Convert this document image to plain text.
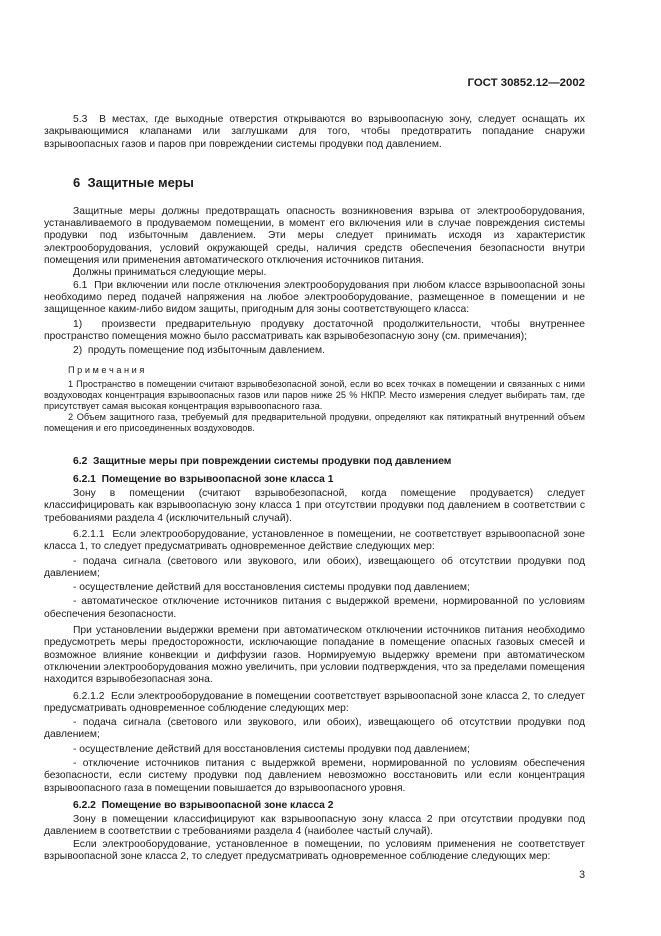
ГОСТ 30852.12—2002

5.3  В местах, где выходные отверстия открываются во взрывоопасную зону, следует оснащать их закрывающимися клапанами или заглушками для того, чтобы предотвратить попадание снаружи взрывоопасных газов и паров при повреждении системы продувки под давлением.

6  Защитные меры

Защитные меры должны предотвращать опасность возникновения взрыва от электрооборудования, устанавливаемого в продуваемом помещении, в момент его включения или в случае повреждения системы продувки под избыточным давлением. Эти меры следует принимать исходя из характеристик электрооборудования, условий окружающей среды, наличия средств обеспечения безопасности внутри помещения или применения автоматического отключения источников питания.

Должны приниматься следующие меры.

6.1  При включении или после отключения электрооборудования при любом классе взрывоопасной зоны необходимо перед подачей напряжения на любое электрооборудование, размещенное в помещении и не защищенное каким-либо видом защиты, пригодным для зоны соответствующего класса:

1)  произвести предварительную продувку достаточной продолжительности, чтобы внутреннее пространство помещения можно было рассматривать как взрывобезопасную зону (см. примечания);

2)  продуть помещение под избыточным давлением.

П р и м е ч а н и я

1 Пространство в помещении считают взрывобезопасной зоной, если во всех точках в помещении и связанных с ними воздуховодах концентрация взрывоопасных газов или паров ниже 25 % НКПР. Место измерения следует выбирать там, где присутствует самая высокая концентрация взрывоопасного газа.

2 Объем защитного газа, требуемый для предварительной продувки, определяют как пятикратный внутренний объем помещения и его присоединенных воздуховодов.

6.2  Защитные меры при повреждении системы продувки под давлением
6.2.1  Помещение во взрывоопасной зоне класса 1

Зону в помещении (считают взрывобезопасной, когда помещение продувается) следует классифицировать как взрывоопасную зону класса 1 при отсутствии продувки под давлением в соответствии с требованиями раздела 4 (исключительный случай).

6.2.1.1  Если электрооборудование, установленное в помещении, не соответствует взрывоопасной зоне класса 1, то следует предусматривать одновременное действие следующих мер:

- подача сигнала (светового или звукового, или обоих), извещающего об отсутствии продувки под давлением;

- осуществление действий для восстановления системы продувки под давлением;

- автоматическое отключение источников питания с выдержкой времени, нормированной по условиям обеспечения безопасности.

При установлении выдержки времени при автоматическом отключении источников питания необходимо предусмотреть меры предосторожности, исключающие попадание в помещение опасных газовых смесей и возможное влияние конвекции и диффузии газов. Нормируемую выдержку времени при автоматическом отключении электрооборудования можно увеличить, при условии подтверждения, что за пределами помещения находится взрывобезопасная зона.

6.2.1.2  Если электрооборудование в помещении соответствует взрывоопасной зоне класса 2, то следует предусматривать одновременное соблюдение следующих мер:

- подача сигнала (светового или звукового, или обоих), извещающего об отсутствии продувки под давлением;

- осуществление действий для восстановления системы продувки под давлением;

- отключение источников питания с выдержкой времени, нормированной по условиям обеспечения безопасности, если систему продувки под давлением невозможно восстановить или если концентрация взрывоопасного газа в помещении повышается до взрывоопасного уровня.

6.2.2  Помещение во взрывоопасной зоне класса 2

Зону в помещении классифицируют как взрывоопасную зону класса 2 при отсутствии продувки под давлением в соответствии с требованиями раздела 4 (наиболее частый случай).

Если электрооборудование, установленное в помещении, по условиям применения не соответствует взрывоопасной зоне класса 2, то следует предусматривать одновременное соблюдение следующих мер:

3
